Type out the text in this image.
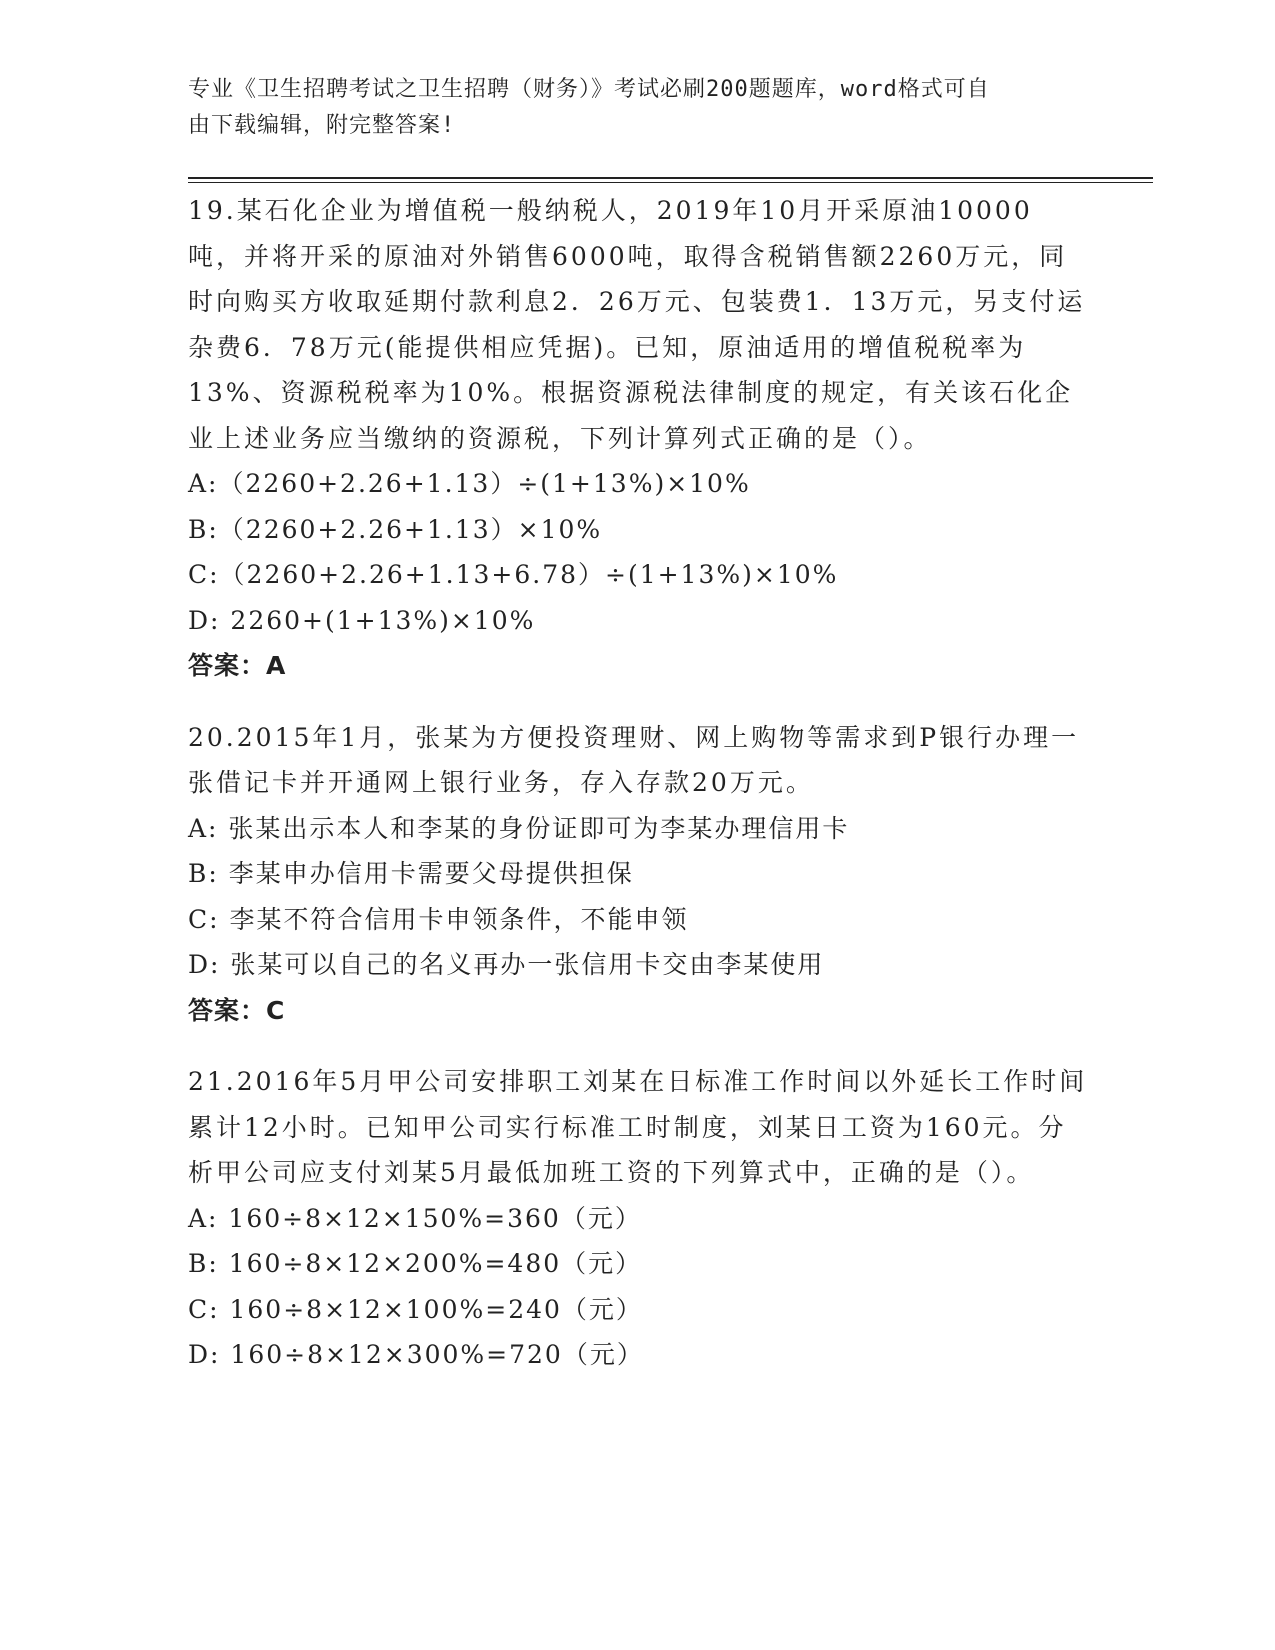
专业《卫生招聘考试之卫生招聘（财务）》考试必刷200题题库，word格式可自
由下载编辑，附完整答案!

19.某石化企业为增值税一般纳税人，2019年10月开采原油10000吨，并将开采的原油对外销售6000吨，取得含税销售额2260万元，同时向购买方收取延期付款利息2．26万元、包装费1．13万元，另支付运杂费6．78万元(能提供相应凭据)。已知，原油适用的增值税税率为13%、资源税税率为10%。根据资源税法律制度的规定，有关该石化企业上述业务应当缴纳的资源税，下列计算列式正确的是（）。

A:（2260+2.26+1.13）÷(1+13%)×10%

B:（2260+2.26+1.13）×10%

C:（2260+2.26+1.13+6.78）÷(1+13%)×10%

D: 2260+(1+13%)×10%

答案：A

20.2015年1月，张某为方便投资理财、网上购物等需求到P银行办理一张借记卡并开通网上银行业务，存入存款20万元。

A: 张某出示本人和李某的身份证即可为李某办理信用卡

B: 李某申办信用卡需要父母提供担保

C: 李某不符合信用卡申领条件，不能申领

D: 张某可以自己的名义再办一张信用卡交由李某使用

答案：C

21.2016年5月甲公司安排职工刘某在日标准工作时间以外延长工作时间累计12小时。已知甲公司实行标准工时制度，刘某日工资为160元。分析甲公司应支付刘某5月最低加班工资的下列算式中，正确的是（）。

A: 160÷8×12×150%=360（元）

B: 160÷8×12×200%=480（元）

C: 160÷8×12×100%=240（元）

D: 160÷8×12×300%=720（元）
